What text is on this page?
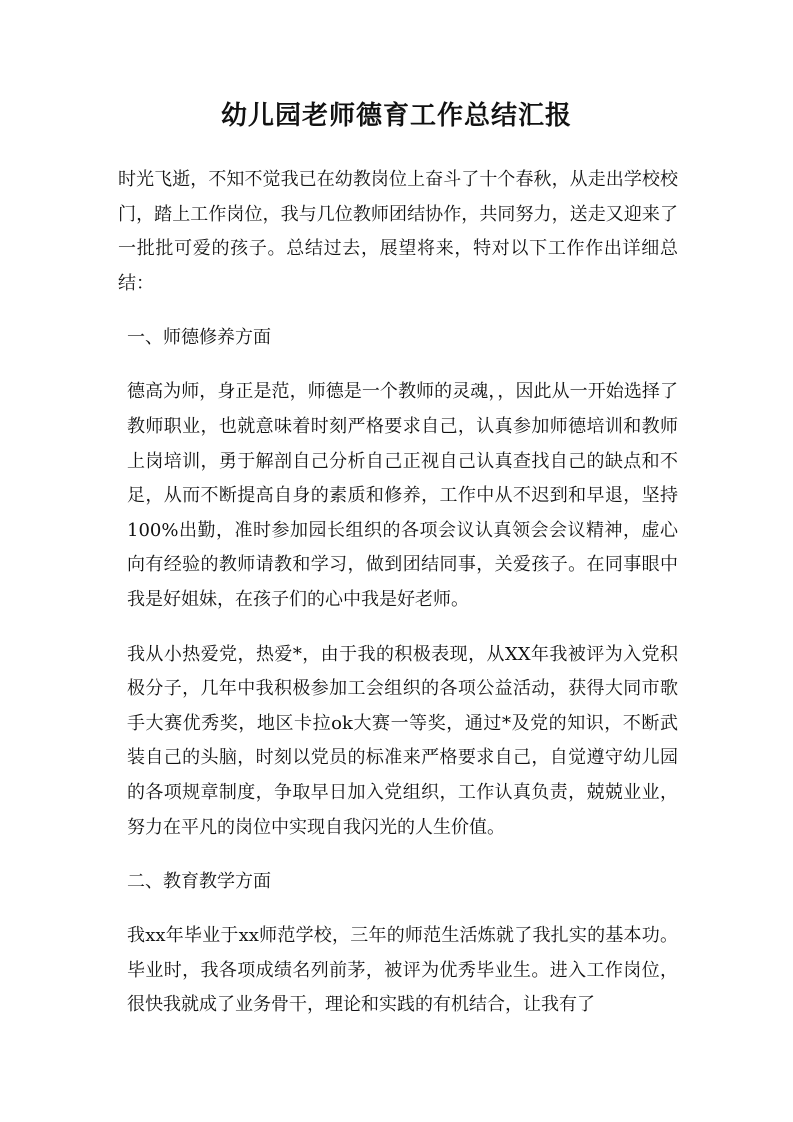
幼儿园老师德育工作总结汇报

时光飞逝，不知不觉我已在幼教岗位上奋斗了十个春秋，从走出学校校门，踏上工作岗位，我与几位教师团结协作，共同努力，送走又迎来了一批批可爱的孩子。总结过去，展望将来，特对以下工作作出详细总结：

一、师德修养方面

德高为师，身正是范，师德是一个教师的灵魂，，因此从一开始选择了教师职业，也就意味着时刻严格要求自己，认真参加师德培训和教师上岗培训，勇于解剖自己分析自己正视自己认真查找自己的缺点和不足，从而不断提高自身的素质和修养，工作中从不迟到和早退，坚持100%出勤，准时参加园长组织的各项会议认真领会会议精神，虚心向有经验的教师请教和学习，做到团结同事，关爱孩子。在同事眼中我是好姐妹，在孩子们的心中我是好老师。

我从小热爱党，热爱*，由于我的积极表现，从XX年我被评为入党积极分子，几年中我积极参加工会组织的各项公益活动，获得大同市歌手大赛优秀奖，地区卡拉ok大赛一等奖，通过*及党的知识，不断武装自己的头脑，时刻以党员的标准来严格要求自己，自觉遵守幼儿园的各项规章制度，争取早日加入党组织，工作认真负责，兢兢业业，努力在平凡的岗位中实现自我闪光的人生价值。

二、教育教学方面

我xx年毕业于xx师范学校，三年的师范生活炼就了我扎实的基本功。毕业时，我各项成绩名列前茅，被评为优秀毕业生。进入工作岗位，很快我就成了业务骨干，理论和实践的有机结合，让我有了
